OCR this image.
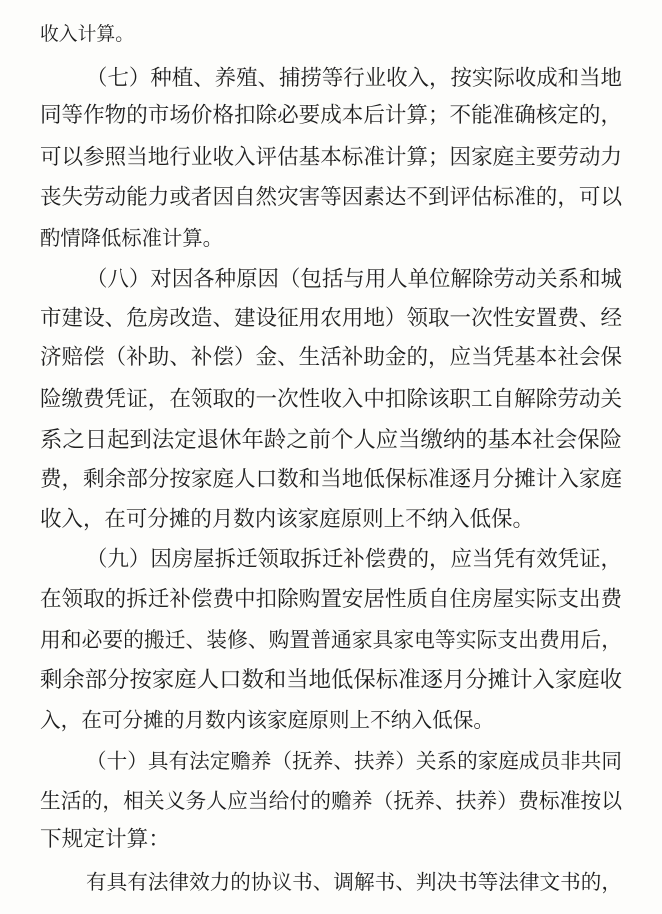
收入计算。
（七）种植、养殖、捕捞等行业收入，按实际收成和当地
同等作物的市场价格扣除必要成本后计算；不能准确核定的，
可以参照当地行业收入评估基本标准计算；因家庭主要劳动力
丧失劳动能力或者因自然灾害等因素达不到评估标准的，可以
酌情降低标准计算。
（八）对因各种原因（包括与用人单位解除劳动关系和城
市建设、危房改造、建设征用农用地）领取一次性安置费、经
济赔偿（补助、补偿）金、生活补助金的，应当凭基本社会保
险缴费凭证，在领取的一次性收入中扣除该职工自解除劳动关
系之日起到法定退休年龄之前个人应当缴纳的基本社会保险
费，剩余部分按家庭人口数和当地低保标准逐月分摊计入家庭
收入，在可分摊的月数内该家庭原则上不纳入低保。
（九）因房屋拆迁领取拆迁补偿费的，应当凭有效凭证，
在领取的拆迁补偿费中扣除购置安居性质自住房屋实际支出费
用和必要的搬迁、装修、购置普通家具家电等实际支出费用后，
剩余部分按家庭人口数和当地低保标准逐月分摊计入家庭收
入，在可分摊的月数内该家庭原则上不纳入低保。
（十）具有法定赡养（抚养、扶养）关系的家庭成员非共同
生活的，相关义务人应当给付的赡养（抚养、扶养）费标准按以
下规定计算：
有具有法律效力的协议书、调解书、判决书等法律文书的，
